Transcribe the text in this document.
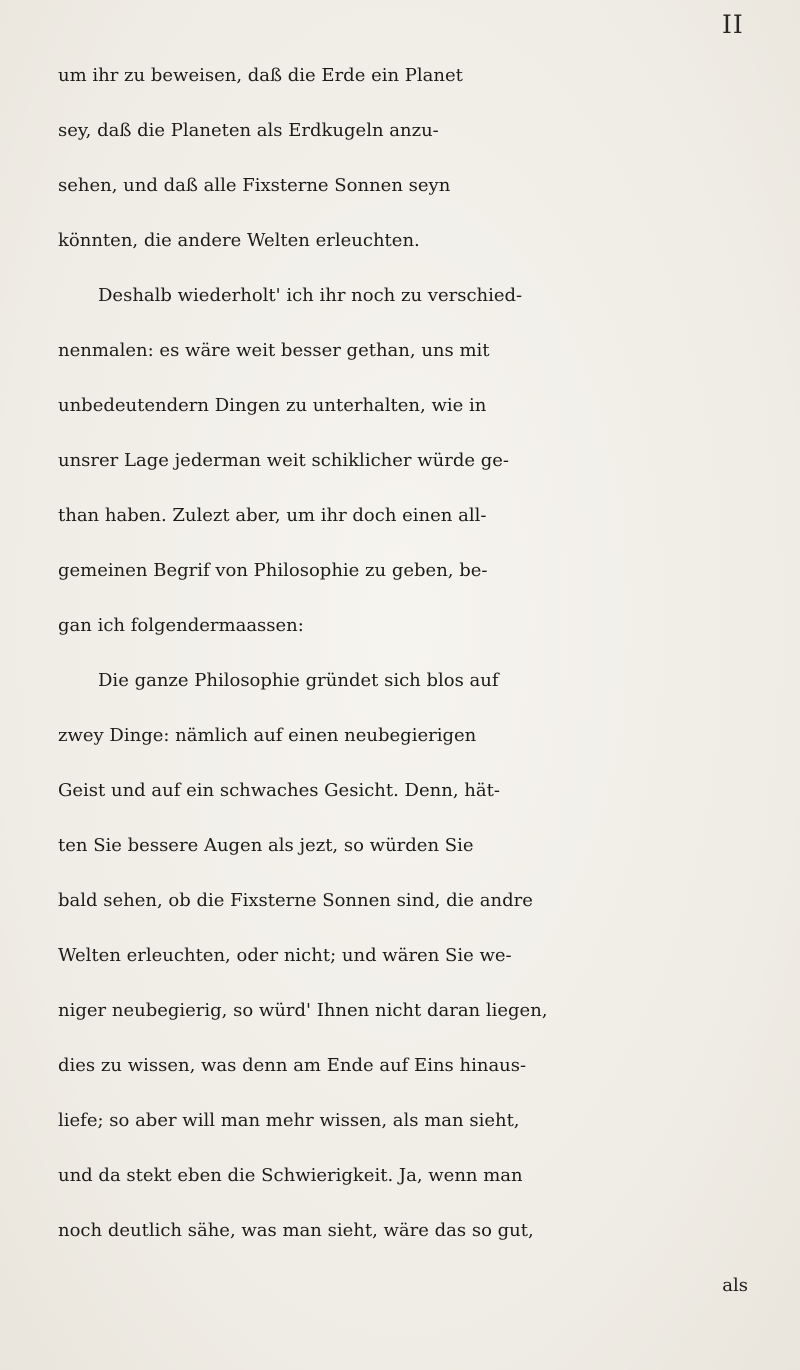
II
um ihr zu beweisen, daß die Erde ein Planet
sey, daß die Planeten als Erdkugeln anzu-
sehen, und daß alle Fixsterne Sonnen seyn
könnten, die andere Welten erleuchten.
Deshalb wiederholt' ich ihr noch zu verschied-
nenmalen: es wäre weit besser gethan, uns mit
unbedeutendern Dingen zu unterhalten, wie in
unsrer Lage jederman weit schiklicher würde ge-
than haben. Zulezt aber, um ihr doch einen all-
gemeinen Begrif von Philosophie zu geben, be-
gan ich folgendermaassen:
Die ganze Philosophie gründet sich blos auf
zwey Dinge: nämlich auf einen neubegierigen
Geist und auf ein schwaches Gesicht. Denn, hät-
ten Sie bessere Augen als jezt, so würden Sie
bald sehen, ob die Fixsterne Sonnen sind, die andre
Welten erleuchten, oder nicht; und wären Sie we-
niger neubegierig, so würd' Ihnen nicht daran liegen,
dies zu wissen, was denn am Ende auf Eins hinaus-
liefe; so aber will man mehr wissen, als man sieht,
und da stekt eben die Schwierigkeit. Ja, wenn man
noch deutlich sähe, was man sieht, wäre das so gut,
als
